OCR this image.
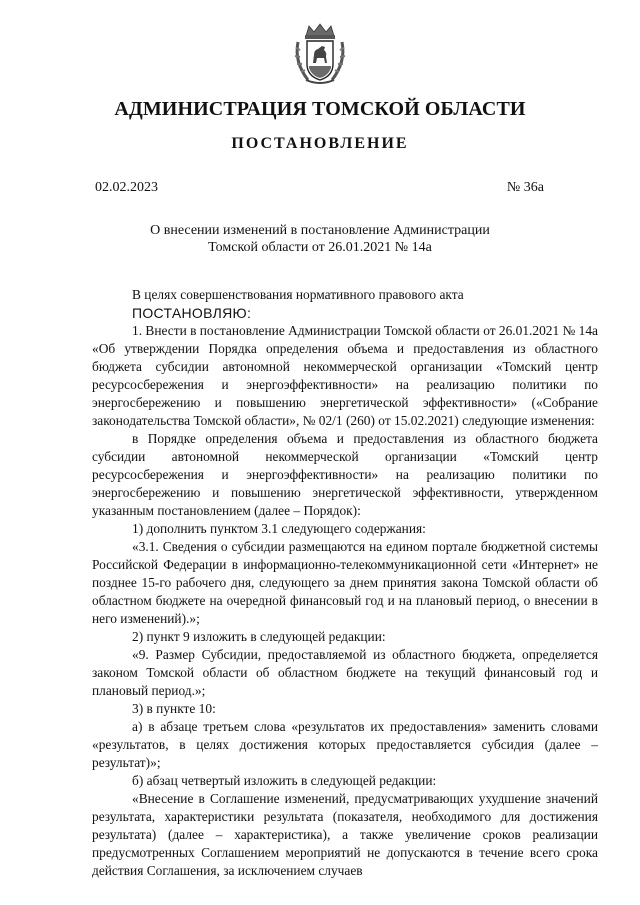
АДМИНИСТРАЦИЯ ТОМСКОЙ ОБЛАСТИ
ПОСТАНОВЛЕНИЕ
02.02.2023	№ 36а
О внесении изменений в постановление Администрации
Томской области от 26.01.2021 № 14а

В целях совершенствования нормативного правового акта

ПОСТАНОВЛЯЮ:

1. Внести в постановление Администрации Томской области от 26.01.2021 № 14а «Об утверждении Порядка определения объема и предоставления из областного бюджета субсидии автономной некоммерческой организации «Томский центр ресурсосбережения и энергоэффективности» на реализацию политики по энергосбережению и повышению энергетической эффективности» («Собрание законодательства Томской области», № 02/1 (260) от 15.02.2021) следующие изменения:

в Порядке определения объема и предоставления из областного бюджета субсидии автономной некоммерческой организации «Томский центр ресурсосбережения и энергоэффективности» на реализацию политики по энергосбережению и повышению энергетической эффективности, утвержденном указанным постановлением (далее – Порядок):

1) дополнить пунктом 3.1 следующего содержания:

«3.1. Сведения о субсидии размещаются на едином портале бюджетной системы Российской Федерации в информационно-телекоммуникационной сети «Интернет» не позднее 15-го рабочего дня, следующего за днем принятия закона Томской области об областном бюджете на очередной финансовый год и на плановый период, о внесении в него изменений).»;

2) пункт 9 изложить в следующей редакции:

«9. Размер Субсидии, предоставляемой из областного бюджета, определяется законом Томской области об областном бюджете на текущий финансовый год и плановый период.»;

3) в пункте 10:

а) в абзаце третьем слова «результатов их предоставления» заменить словами «результатов, в целях достижения которых предоставляется субсидия (далее – результат)»;

б) абзац четвертый изложить в следующей редакции:

«Внесение в Соглашение изменений, предусматривающих ухудшение значений результата, характеристики результата (показателя, необходимого для достижения результата) (далее – характеристика), а также увеличение сроков реализации предусмотренных Соглашением мероприятий не допускаются в течение всего срока действия Соглашения, за исключением случаев
